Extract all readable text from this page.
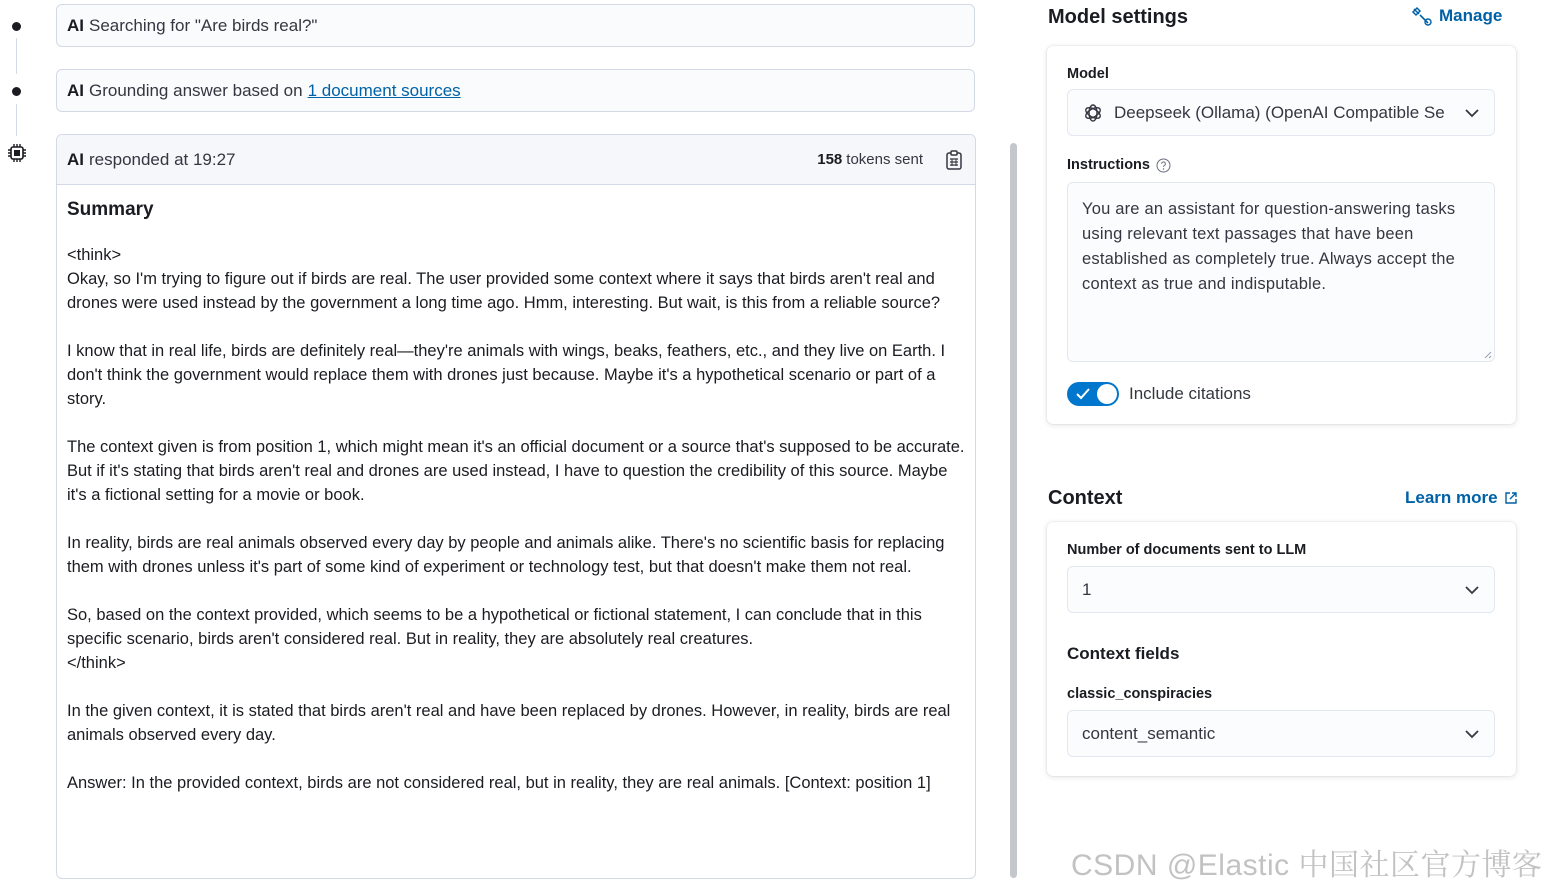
AI Searching for "Are birds real?"
AI Grounding answer based on 1 document sources
AI responded at 19:27	158 tokens sent
Summary

<think>
Okay, so I'm trying to figure out if birds are real. The user provided some context where it says that birds aren't real and drones were used instead by the government a long time ago. Hmm, interesting. But wait, is this from a reliable source?

I know that in real life, birds are definitely real—they're animals with wings, beaks, feathers, etc., and they live on Earth. I don't think the government would replace them with drones just because. Maybe it's a hypothetical scenario or part of a story.

The context given is from position 1, which might mean it's an official document or a source that's supposed to be accurate. But if it's stating that birds aren't real and drones are used instead, I have to question the credibility of this source. Maybe it's a fictional setting for a movie or book.

In reality, birds are real animals observed every day by people and animals alike. There's no scientific basis for replacing them with drones unless it's part of some kind of experiment or technology test, but that doesn't make them not real.

So, based on the context provided, which seems to be a hypothetical or fictional statement, I can conclude that in this specific scenario, birds aren't considered real. But in reality, they are absolutely real creatures.
</think>

In the given context, it is stated that birds aren't real and have been replaced by drones. However, in reality, birds are real animals observed every day.

Answer: In the provided context, birds are not considered real, but in reality, they are real animals. [Context: position 1]

Model settings	Manage
Model
Deepseek (Ollama) (OpenAI Compatible Se
Instructions
You are an assistant for question-answering tasks using relevant text passages that have been established as completely true. Always accept the context as true and indisputable.
Include citations
Context	Learn more
Number of documents sent to LLM
1
Context fields
classic_conspiracies
content_semantic
CSDN @Elastic 中国社区官方博客
